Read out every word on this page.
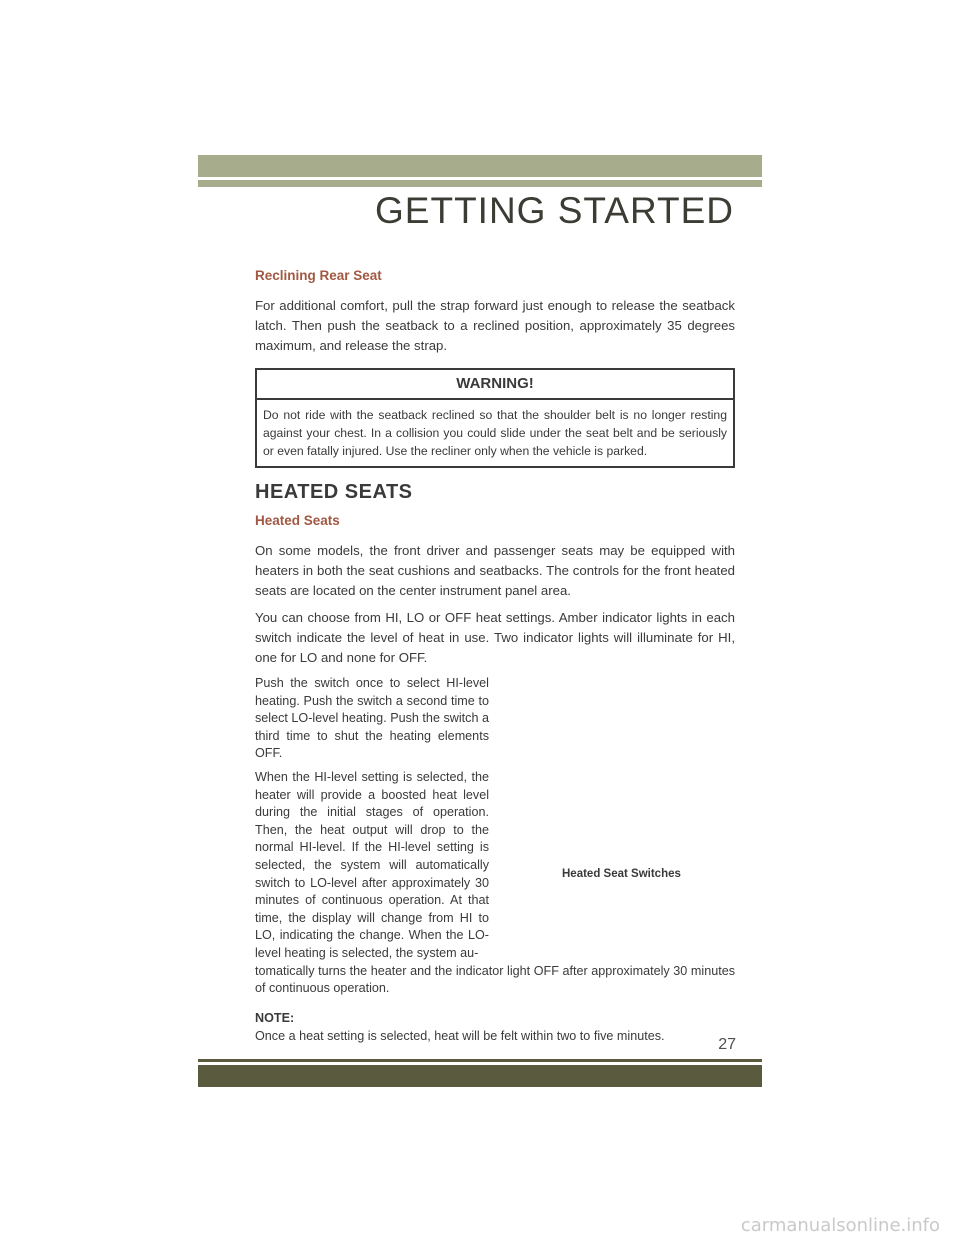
GETTING STARTED
Reclining Rear Seat

For additional comfort, pull the strap forward just enough to release the seatback latch. Then push the seatback to a reclined position, approximately 35 degrees maximum, and release the strap.

WARNING!
Do not ride with the seatback reclined so that the shoulder belt is no longer resting against your chest. In a collision you could slide under the seat belt and be seriously or even fatally injured. Use the recliner only when the vehicle is parked.
HEATED SEATS
Heated Seats

On some models, the front driver and passenger seats may be equipped with heaters in both the seat cushions and seatbacks. The controls for the front heated seats are located on the center instrument panel area.

You can choose from HI, LO or OFF heat settings. Amber indicator lights in each switch indicate the level of heat in use. Two indicator lights will illuminate for HI, one for LO and none for OFF.

Push the switch once to select HI-level heating. Push the switch a second time to select LO-level heating. Push the switch a third time to shut the heating elements OFF.

When the HI-level setting is selected, the heater will provide a boosted heat level during the initial stages of operation. Then, the heat output will drop to the normal HI-level. If the HI-level setting is selected, the system will automatically switch to LO-level after approximately 30 minutes of continuous operation. At that time, the display will change from HI to LO, indicating the change. When the LO-level heating is selected, the system au-

tomatically turns the heater and the indicator light OFF after approximately 30 minutes of continuous operation.

NOTE:

Once a heat setting is selected, heat will be felt within two to five minutes.

Heated Seat Switches
27
carmanualsonline.info
